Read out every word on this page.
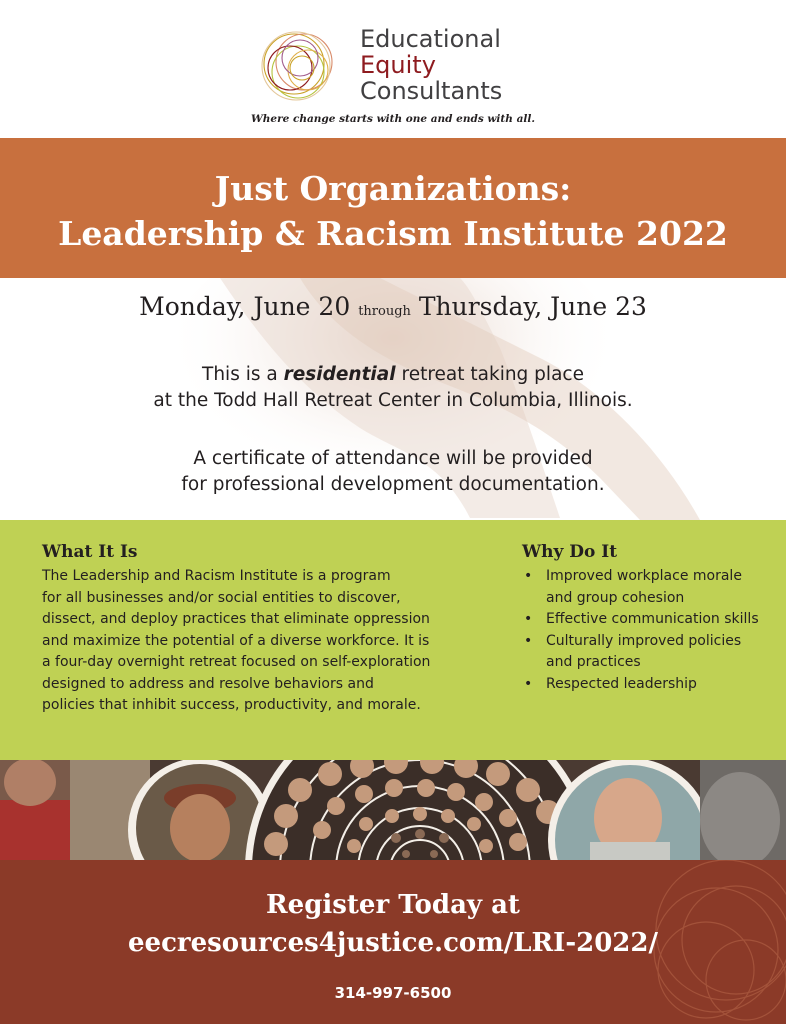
Educational
Equity
Consultants
Where change starts with one and ends with all.
Just Organizations:
Leadership & Racism Institute 2022
Monday, June 20 through Thursday, June 23
This is a residential retreat taking place
at the Todd Hall Retreat Center in Columbia, Illinois.
A certificate of attendance will be provided
for professional development documentation.
What It Is
The Leadership and Racism Institute is a program
for all businesses and/or social entities to discover,
dissect, and deploy practices that eliminate oppression
and maximize the potential of a diverse workforce. It is
a four-day overnight retreat focused on self-exploration
designed to address and resolve behaviors and
policies that inhibit success, productivity, and morale.
Why Do It
• Improved workplace morale and group cohesion
• Effective communication skills
• Culturally improved policies and practices
• Respected leadership
Register Today at
eecresources4justice.com/LRI-2022/
314-997-6500
